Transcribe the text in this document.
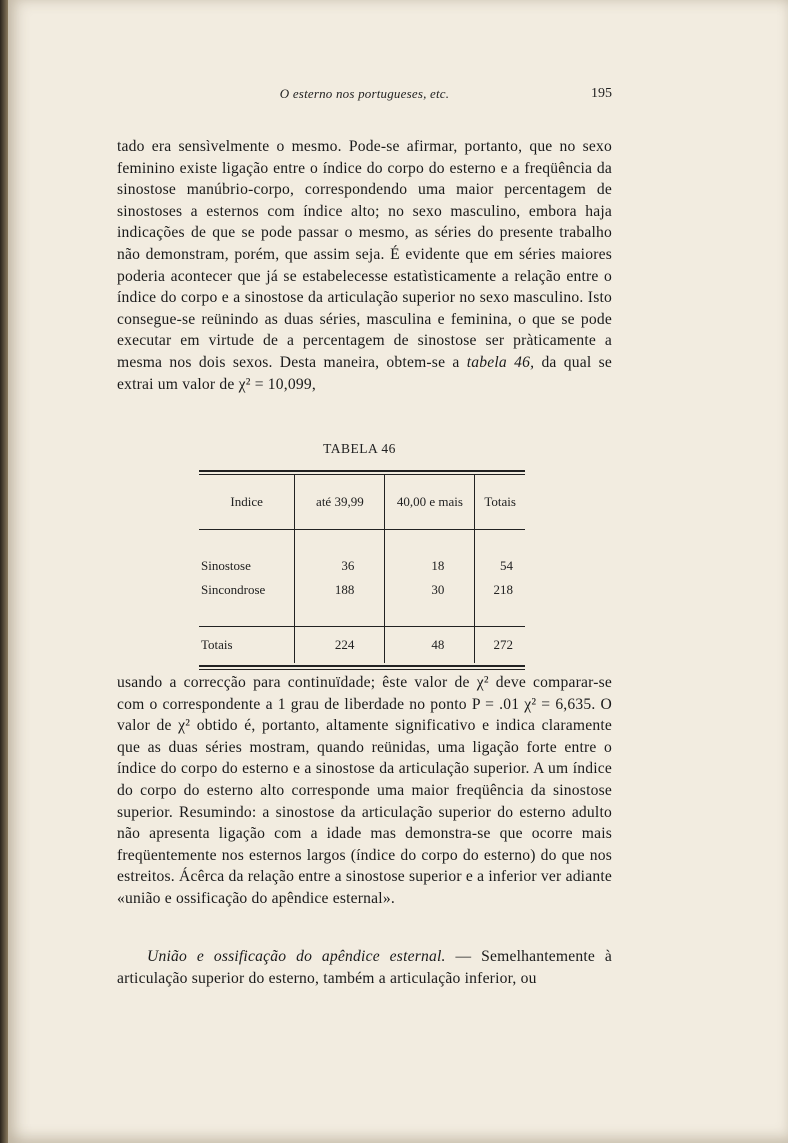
O esterno nos portugueses, etc.	195

tado era sensìvelmente o mesmo. Pode-se afirmar, portanto, que no sexo feminino existe ligação entre o índice do corpo do esterno e a freqüência da sinostose manúbrio-corpo, correspondendo uma maior percentagem de sinostoses a esternos com índice alto; no sexo masculino, embora haja indicações de que se pode passar o mesmo, as séries do presente trabalho não demonstram, porém, que assim seja. É evidente que em séries maiores poderia acontecer que já se estabelecesse estatìsticamente a relação entre o índice do corpo e a sinostose da articulação superior no sexo masculino. Isto consegue-se reünindo as duas séries, masculina e feminina, o que se pode executar em virtude de a percentagem de sinostose ser pràticamente a mesma nos dois sexos. Desta maneira, obtem-se a tabela 46, da qual se extrai um valor de χ² = 10,099,

TABELA 46
Indice	até 39,99	40,00 e mais	Totais

Sinostose	36	18	54
Sincondrose	188	30	218

Totais	224	48	272

usando a correcção para continuïdade; êste valor de χ² deve comparar-se com o correspondente a 1 grau de liberdade no ponto P = .01 χ² = 6,635. O valor de χ² obtido é, portanto, altamente significativo e indica claramente que as duas séries mostram, quando reünidas, uma ligação forte entre o índice do corpo do esterno e a sinostose da articulação superior. A um índice do corpo do esterno alto corresponde uma maior freqüência da sinostose superior. Resumindo: a sinostose da articulação superior do esterno adulto não apresenta ligação com a idade mas demonstra-se que ocorre mais freqüentemente nos esternos largos (índice do corpo do esterno) do que nos estreitos. Ácêrca da relação entre a sinostose superior e a inferior ver adiante «união e ossificação do apêndice esternal».

União e ossificação do apêndice esternal. — Semelhantemente à articulação superior do esterno, também a articulação inferior, ou
